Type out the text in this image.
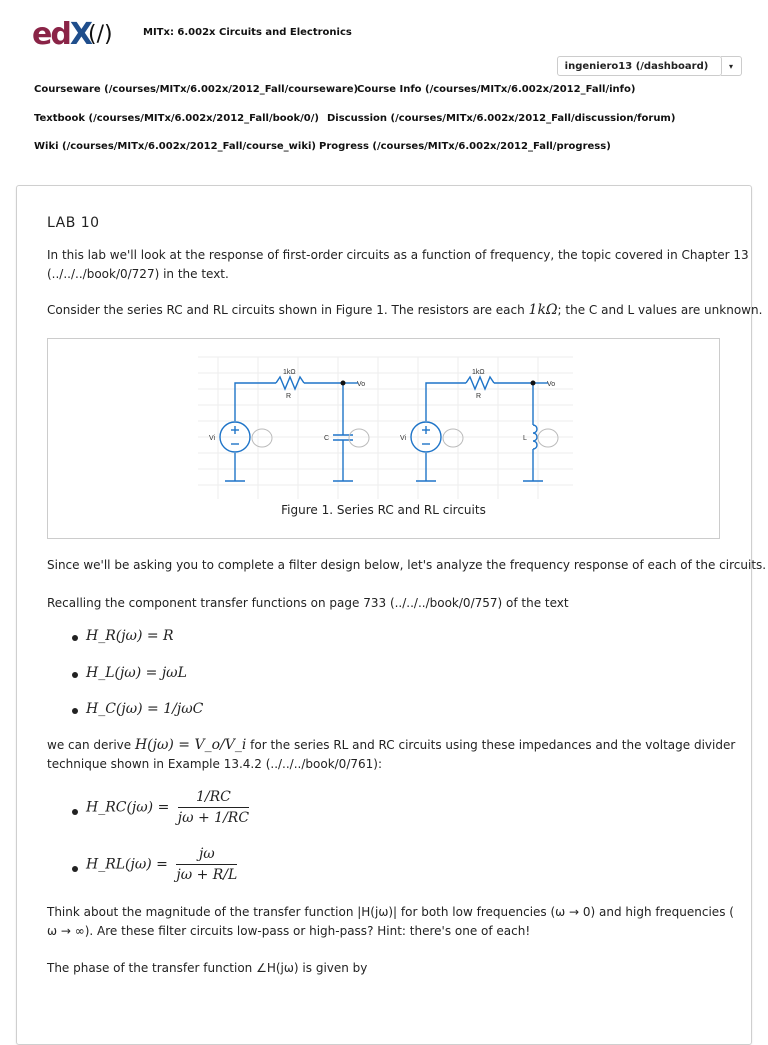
edX
(/)	MITx: 6.002x Circuits and Electronics
ingeniero13 (/dashboard)	▾
Courseware (/courses/MITx/6.002x/2012_Fall/courseware)
Course Info (/courses/MITx/6.002x/2012_Fall/info)
Textbook (/courses/MITx/6.002x/2012_Fall/book/0/) Discussion (/courses/MITx/6.002x/2012_Fall/discussion/forum)
Wiki (/courses/MITx/6.002x/2012_Fall/course_wiki) Progress (/courses/MITx/6.002x/2012_Fall/progress)
LAB 10
In this lab we'll look at the response of first-order circuits as a function of frequency, the topic covered in Chapter 13
(../../../book/0/727) in the text.
Consider the series RC and RL circuits shown in Figure 1. The resistors are each 1kΩ; the C and L values are unknown.
1kΩ
R
Vi
Vo
C
1kΩ
R
Vi
Vo
L
Figure 1. Series RC and RL circuits
Since we'll be asking you to complete a filter design below, let's analyze the frequency response of each of the circuits.
Recalling the component transfer functions on page 733 (../../../book/0/757) of the text
H_R(jω) = R
H_L(jω) = jωL
H_C(jω) = 1/jωC
we can derive H(jω) = V_o/V_i for the series RL and RC circuits using these impedances and the voltage divider
technique shown in Example 13.4.2 (../../../book/0/761):
H_RC(jω) = $\frac{1/RC}{j\omega + 1/RC}$
H_RL(jω) = $\frac{j\omega}{j\omega + R/L}$
Think about the magnitude of the transfer function |H(jω)| for both low frequencies (ω → 0) and high frequencies (
ω → ∞). Are these filter circuits low-pass or high-pass? Hint: there's one of each!
The phase of the transfer function ∠H(jω) is given by
